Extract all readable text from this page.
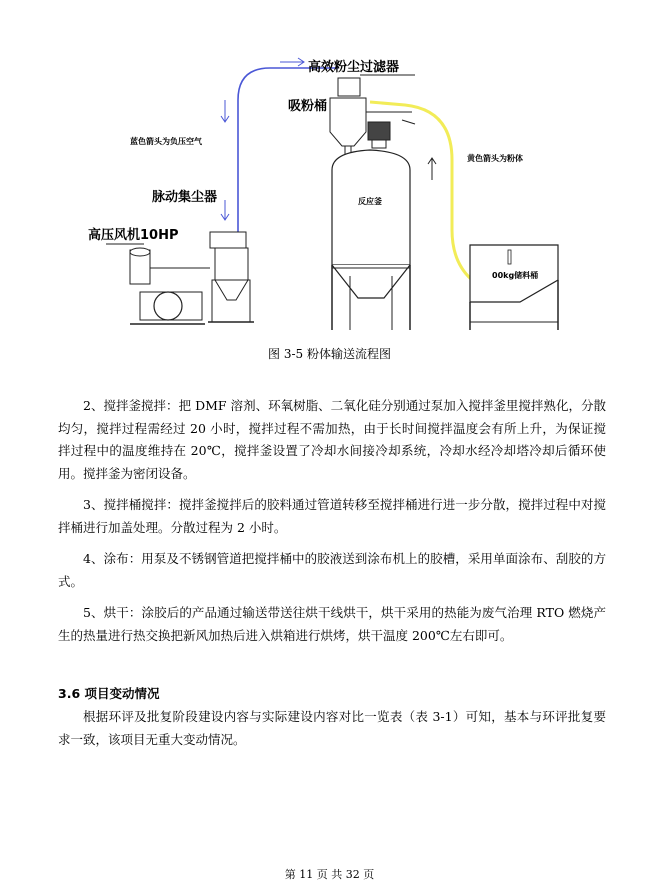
高效粉尘过滤器
吸粉桶
蓝色箭头为负压空气
黄色箭头为粉体
脉动集尘器
高压风机10HP
反应釜
00kg储料桶
图 3-5 粉体输送流程图

2、搅拌釜搅拌：把 DMF 溶剂、环氧树脂、二氧化硅分别通过泵加入搅拌釜里搅拌熟化，分散均匀，搅拌过程需经过 20 小时，搅拌过程不需加热，由于长时间搅拌温度会有所上升，为保证搅拌过程中的温度维持在 20℃，搅拌釜设置了冷却水间接冷却系统，冷却水经冷却塔冷却后循环使用。搅拌釜为密闭设备。

3、搅拌桶搅拌：搅拌釜搅拌后的胶料通过管道转移至搅拌桶进行进一步分散，搅拌过程中对搅拌桶进行加盖处理。分散过程为 2 小时。

4、涂布：用泵及不锈钢管道把搅拌桶中的胶液送到涂布机上的胶槽，采用单面涂布、刮胶的方式。

5、烘干：涂胶后的产品通过输送带送往烘干线烘干，烘干采用的热能为废气治理 RTO 燃烧产生的热量进行热交换把新风加热后进入烘箱进行烘烤，烘干温度 200℃左右即可。

3.6 项目变动情况

根据环评及批复阶段建设内容与实际建设内容对比一览表（表 3-1）可知，基本与环评批复要求一致，该项目无重大变动情况。

第 11 页 共 32 页
